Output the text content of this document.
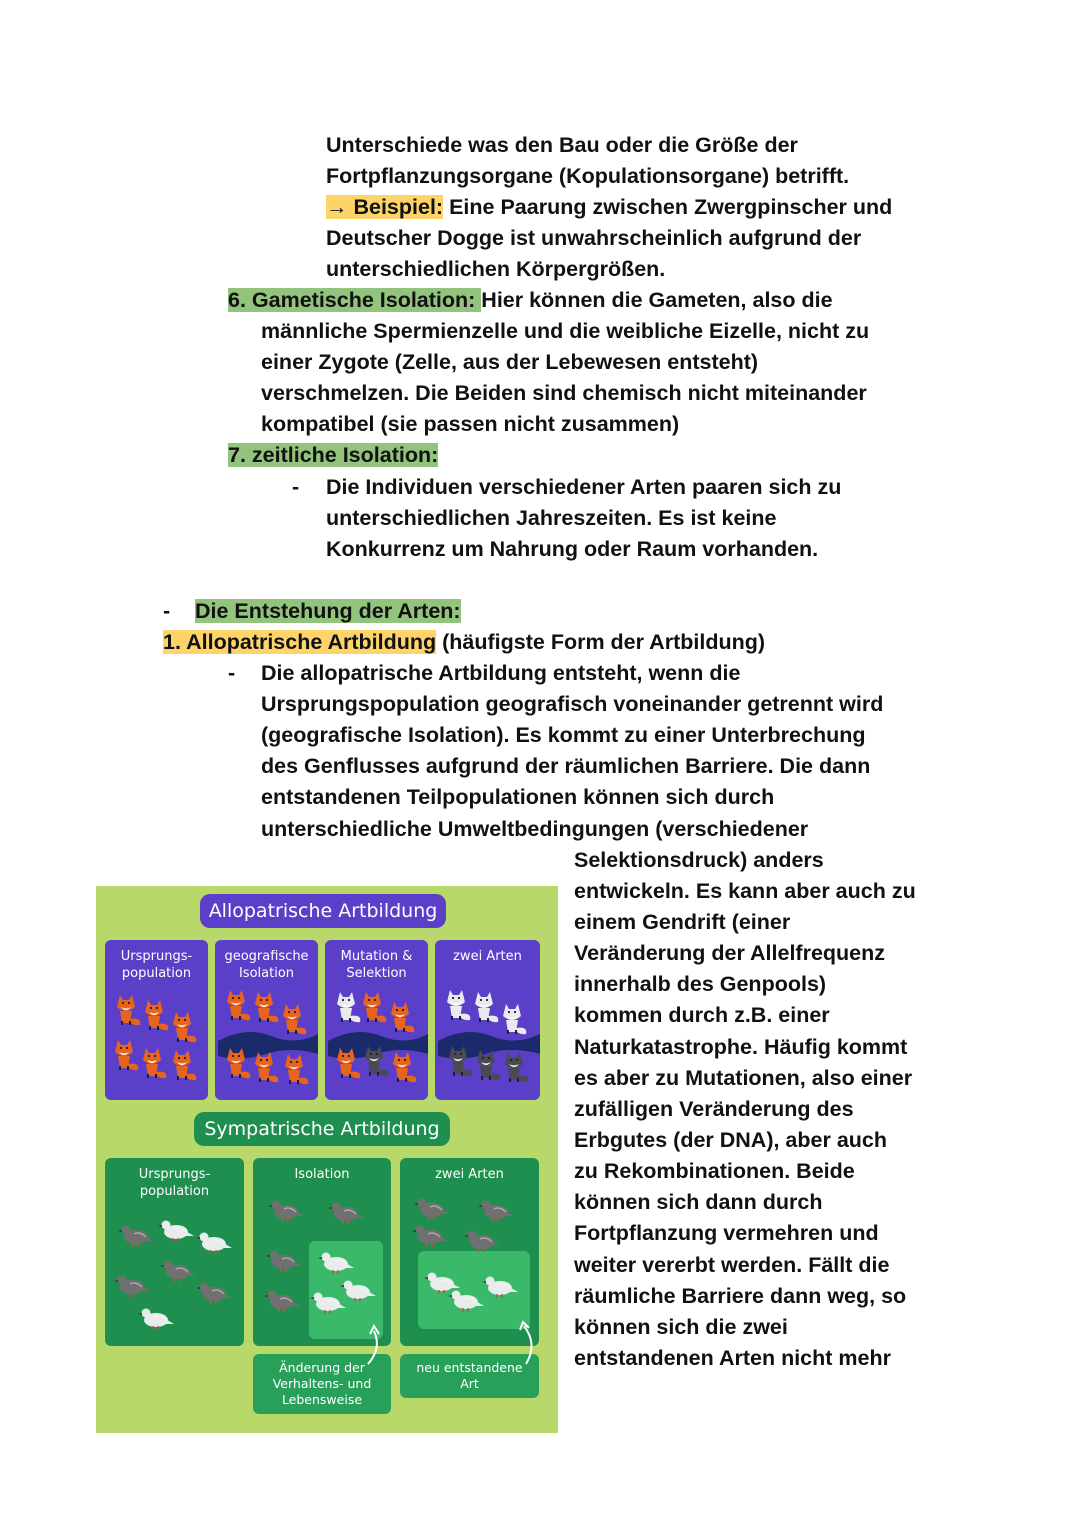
Unterschiede was den Bau oder die Größe der
Fortpflanzungsorgane (Kopulationsorgane) betrifft.
→ Beispiel: Eine Paarung zwischen Zwergpinscher und
Deutscher Dogge ist unwahrscheinlich aufgrund der
unterschiedlichen Körpergrößen.
6. Gametische Isolation: Hier können die Gameten, also die
männliche Spermienzelle und die weibliche Eizelle, nicht zu
einer Zygote (Zelle, aus der Lebewesen entsteht)
verschmelzen. Die Beiden sind chemisch nicht miteinander
kompatibel (sie passen nicht zusammen)
7. zeitliche Isolation:
- Die Individuen verschiedener Arten paaren sich zu
unterschiedlichen Jahreszeiten. Es ist keine
Konkurrenz um Nahrung oder Raum vorhanden.
- Die Entstehung der Arten:
1. Allopatrische Artbildung (häufigste Form der Artbildung)
- Die allopatrische Artbildung entsteht, wenn die
Ursprungspopulation geografisch voneinander getrennt wird
(geografische Isolation). Es kommt zu einer Unterbrechung
des Genflusses aufgrund der räumlichen Barriere. Die dann
entstandenen Teilpopulationen können sich durch
unterschiedliche Umweltbedingungen (verschiedener
Selektionsdruck) anders
entwickeln. Es kann aber auch zu
einem Gendrift (einer
Veränderung der Allelfrequenz
innerhalb des Genpools)
kommen durch z.B. einer
Naturkatastrophe. Häufig kommt
es aber zu Mutationen, also einer
zufälligen Veränderung des
Erbgutes (der DNA), aber auch
zu Rekombinationen. Beide
können sich dann durch
Fortpflanzung vermehren und
weiter vererbt werden. Fällt die
räumliche Barriere dann weg, so
können sich die zwei
entstandenen Arten nicht mehr
Allopatrische Artbildung
Ursprungs-
population
geografische
Isolation
Mutation &
Selektion
zwei Arten
Sympatrische Artbildung
Ursprungs-
population
Isolation	zwei Arten
Änderung der
Verhaltens- und
Lebensweise
neu entstandene
Art
